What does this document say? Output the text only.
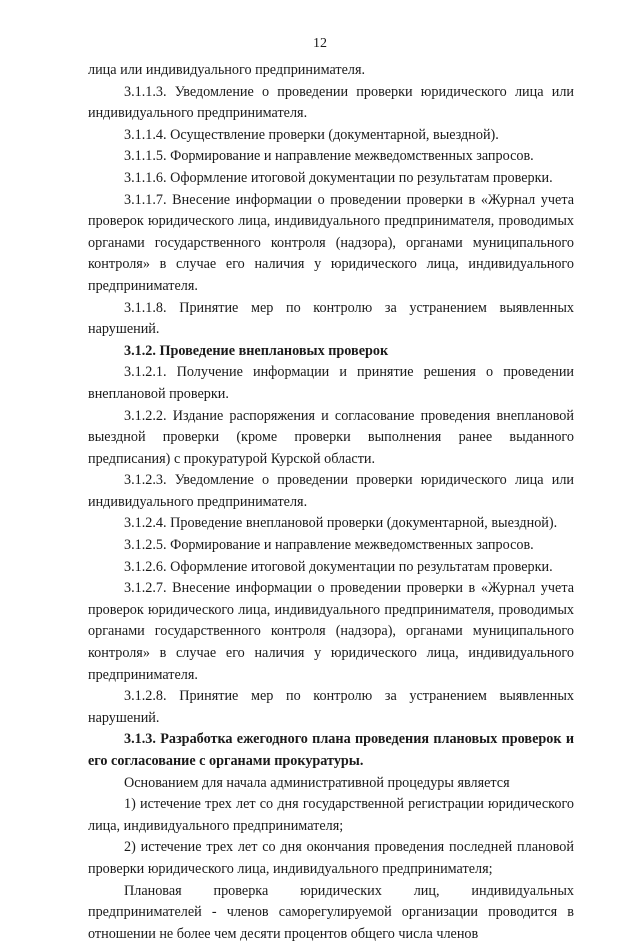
12

лица или индивидуального предпринимателя.

3.1.1.3. Уведомление о проведении проверки юридического лица или индивидуального предпринимателя.

3.1.1.4. Осуществление проверки (документарной, выездной).

3.1.1.5. Формирование и направление межведомственных запросов.

3.1.1.6. Оформление итоговой документации по результатам проверки.

3.1.1.7. Внесение информации о проведении проверки в «Журнал учета проверок юридического лица, индивидуального предпринимателя, проводимых органами государственного контроля (надзора), органами муниципального контроля» в случае его наличия у юридического лица, индивидуального предпринимателя.

3.1.1.8. Принятие мер по контролю за устранением выявленных нарушений.

3.1.2. Проведение внеплановых проверок

3.1.2.1. Получение информации и принятие решения о проведении внеплановой проверки.

3.1.2.2. Издание распоряжения и согласование проведения внеплановой выездной проверки (кроме проверки выполнения ранее выданного предписания) с прокуратурой Курской области.

3.1.2.3. Уведомление о проведении проверки юридического лица или индивидуального предпринимателя.

3.1.2.4. Проведение внеплановой проверки (документарной, выездной).

3.1.2.5. Формирование и направление межведомственных запросов.

3.1.2.6. Оформление итоговой документации по результатам проверки.

3.1.2.7. Внесение информации о проведении проверки в «Журнал учета проверок юридического лица, индивидуального предпринимателя, проводимых органами государственного контроля (надзора), органами муниципального контроля» в случае его наличия у юридического лица, индивидуального предпринимателя.

3.1.2.8. Принятие мер по контролю за устранением выявленных нарушений.

3.1.3. Разработка ежегодного плана проведения плановых проверок и его согласование с органами прокуратуры.

Основанием для начала административной процедуры является

1) истечение трех лет со дня государственной регистрации юридического лица, индивидуального предпринимателя;

2) истечение трех лет со дня окончания проведения последней плановой проверки юридического лица, индивидуального предпринимателя;

Плановая проверка юридических лиц, индивидуальных предпринимателей - членов саморегулируемой организации проводится в отношении не более чем десяти процентов общего числа членов
